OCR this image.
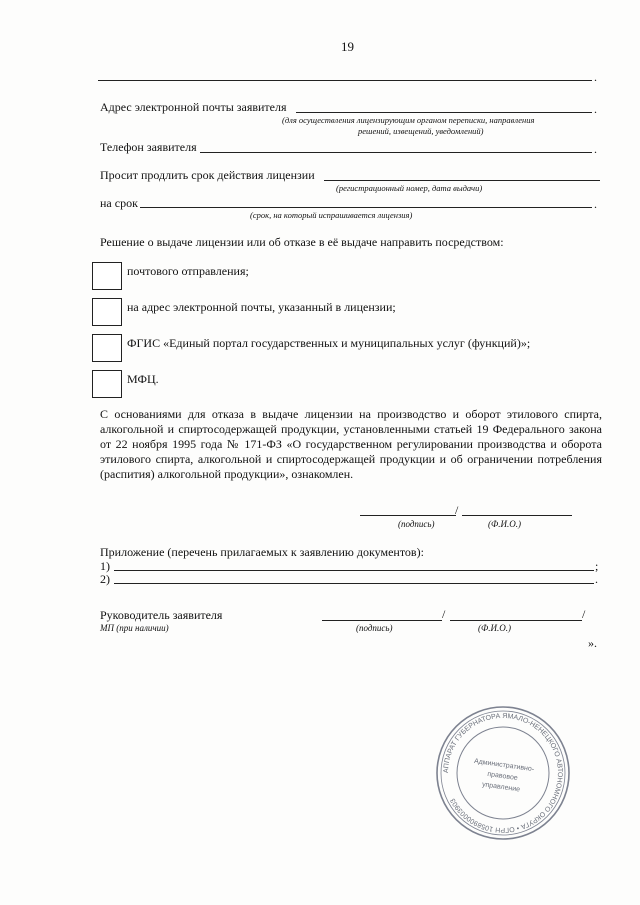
19
.
Адрес электронной почты заявителя	.
(для осуществления лицензирующим органом переписки, направления
решений, извещений, уведомлений)
Телефон заявителя	.
Просит продлить срок действия лицензии
(регистрационный номер, дата выдачи)
на срок	.
(срок, на который испрашивается лицензия)
Решение о выдаче лицензии или об отказе в её выдаче направить посредством:
почтового отправления;
на адрес электронной почты, указанный в лицензии;
ФГИС «Единый портал государственных и муниципальных услуг (функций)»;
МФЦ.
С основаниями для отказа в выдаче лицензии на производство и оборот этилового спирта, алкогольной и спиртосодержащей продукции, установленными статьей 19 Федерального закона от 22 ноября 1995 года № 171-ФЗ «О государственном регулировании производства и оборота этилового спирта, алкогольной и спиртосодержащей продукции и об ограничении потребления (распития) алкогольной продукции», ознакомлен.
/
(подпись)	(Ф.И.О.)
Приложение (перечень прилагаемых к заявлению документов):
1)	;
2)	.
Руководитель заявителя
МП (при наличии)
/	/
(подпись)	(Ф.И.О.)
».
АППАРАТ ГУБЕРНАТОРА ЯМАЛО-НЕНЕЦКОГО АВТОНОМНОГО ОКРУГА • ОГРН 1058900003903
Административно-
правовое
управление
